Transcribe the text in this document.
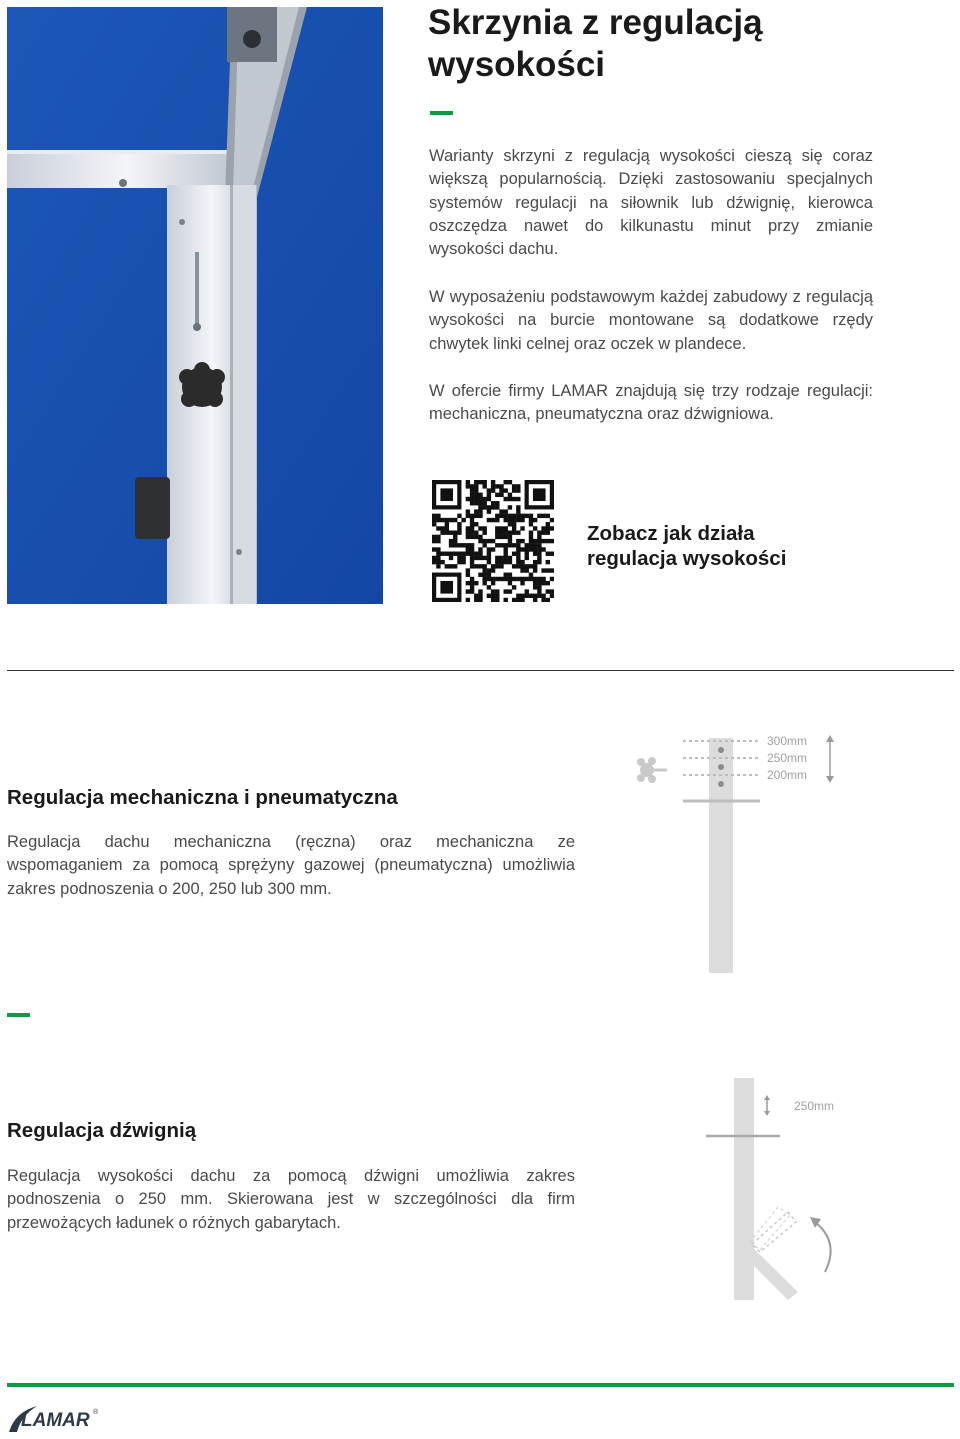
Skrzynia z regulacją wysokości

Warianty skrzyni z regulacją wysokości cieszą się coraz większą popularnością. Dzięki zastosowaniu specjalnych systemów regulacji na siłownik lub dźwignię, kierowca oszczędza nawet do kilkunastu minut przy zmianie wysokości dachu.

W wyposażeniu podstawowym każdej zabudowy z regulacją wysokości na burcie montowane są dodatkowe rzędy chwytek linki celnej oraz oczek w plandece.

W ofercie firmy LAMAR znajdują się trzy rodzaje regulacji: mechaniczna, pneumatyczna oraz dźwigniowa.

Zobacz jak działa
regulacja wysokości

Regulacja mechaniczna i pneumatyczna

Regulacja dachu mechaniczna (ręczna) oraz mechaniczna ze wspomaganiem za pomocą sprężyny gazowej (pneumatyczna) umożliwia zakres podnoszenia o 200, 250 lub 300 mm.

300mm
250mm
200mm
Regulacja dźwignią

Regulacja wysokości dachu za pomocą dźwigni umożliwia zakres podnoszenia o 250 mm. Skierowana jest w szczególności dla firm przewożących ładunek o różnych gabarytach.

250mm
LAMAR ®
